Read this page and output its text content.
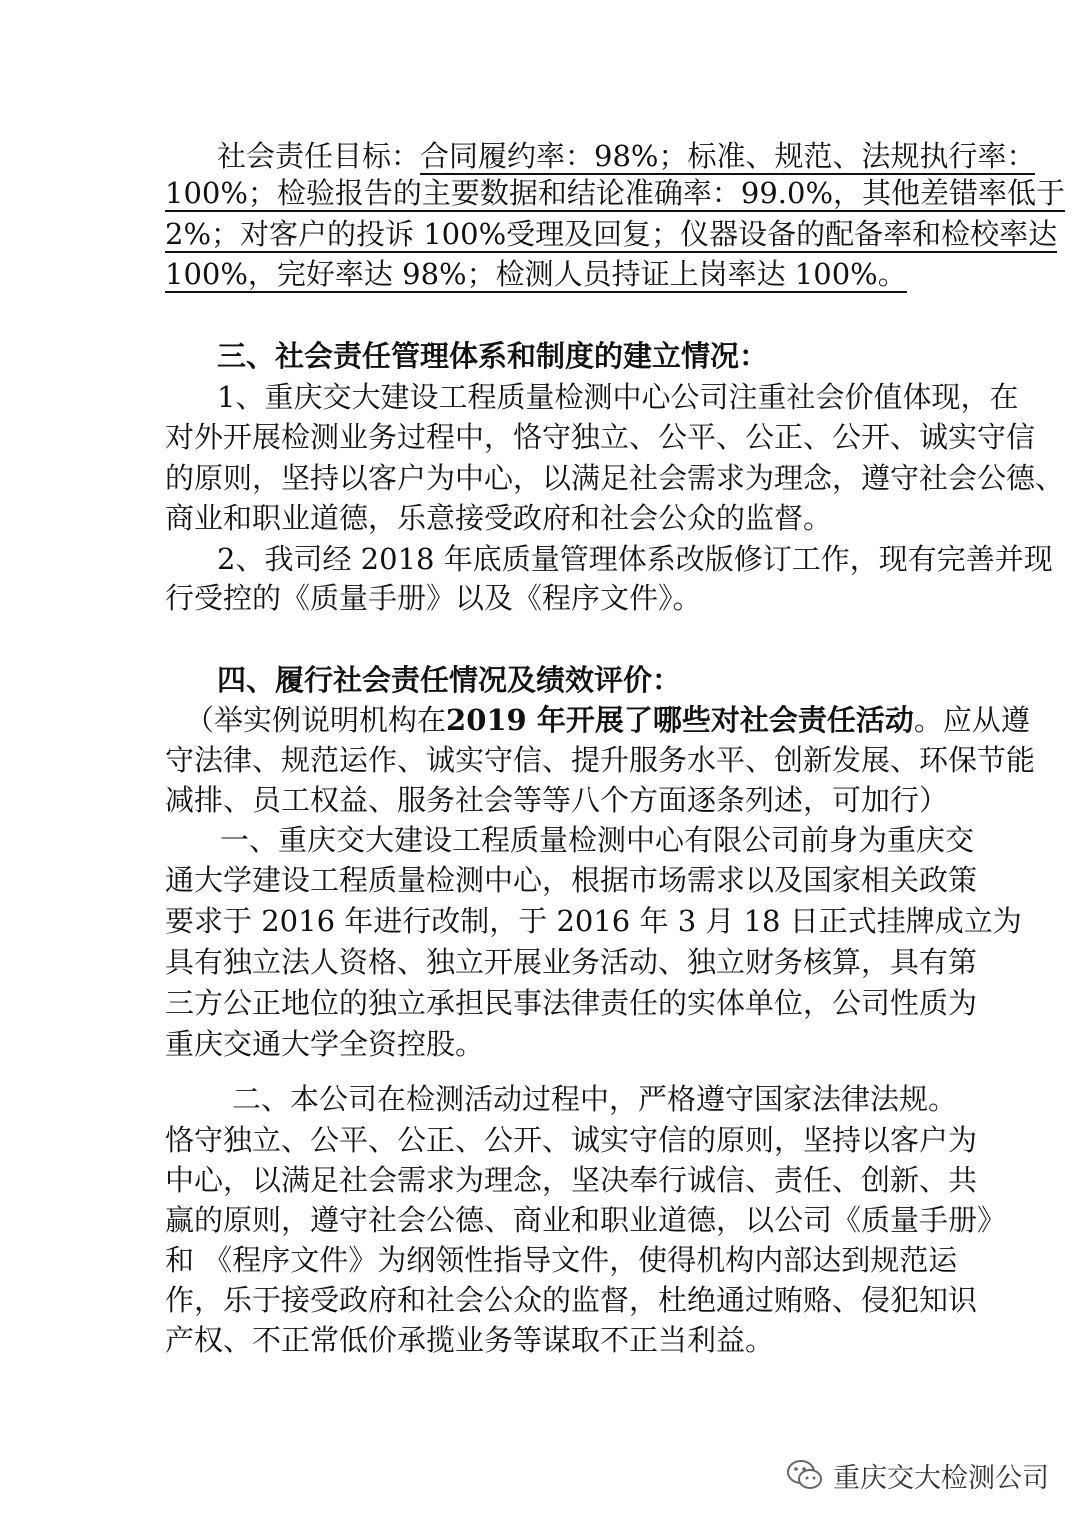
社会责任目标：合同履约率：98%；标准、规范、法规执行率：
100%；检验报告的主要数据和结论准确率：99.0%，其他差错率低于
2%；对客户的投诉 100%受理及回复；仪器设备的配备率和检校率达
100%，完好率达 98%；检测人员持证上岗率达 100%。
三、社会责任管理体系和制度的建立情况：
1、重庆交大建设工程质量检测中心公司注重社会价值体现，在
对外开展检测业务过程中，恪守独立、公平、公正、公开、诚实守信
的原则，坚持以客户为中心，以满足社会需求为理念，遵守社会公德、
商业和职业道德，乐意接受政府和社会公众的监督。
2、我司经 2018 年底质量管理体系改版修订工作，现有完善并现
行受控的《质量手册》以及《程序文件》。
四、履行社会责任情况及绩效评价：
（举实例说明机构在2019 年开展了哪些对社会责任活动。应从遵
守法律、规范运作、诚实守信、提升服务水平、创新发展、环保节能
减排、员工权益、服务社会等等八个方面逐条列述，可加行）
一、重庆交大建设工程质量检测中心有限公司前身为重庆交
通大学建设工程质量检测中心，根据市场需求以及国家相关政策
要求于 2016 年进行改制，于 2016 年 3 月 18 日正式挂牌成立为
具有独立法人资格、独立开展业务活动、独立财务核算，具有第
三方公正地位的独立承担民事法律责任的实体单位，公司性质为
重庆交通大学全资控股。
二、本公司在检测活动过程中，严格遵守国家法律法规。
恪守独立、公平、公正、公开、诚实守信的原则，坚持以客户为
中心，以满足社会需求为理念，坚决奉行诚信、责任、创新、共
赢的原则，遵守社会公德、商业和职业道德，以公司《质量手册》
和 《程序文件》为纲领性指导文件，使得机构内部达到规范运
作，乐于接受政府和社会公众的监督，杜绝通过贿赂、侵犯知识
产权、不正常低价承揽业务等谋取不正当利益。
重庆交大检测公司
